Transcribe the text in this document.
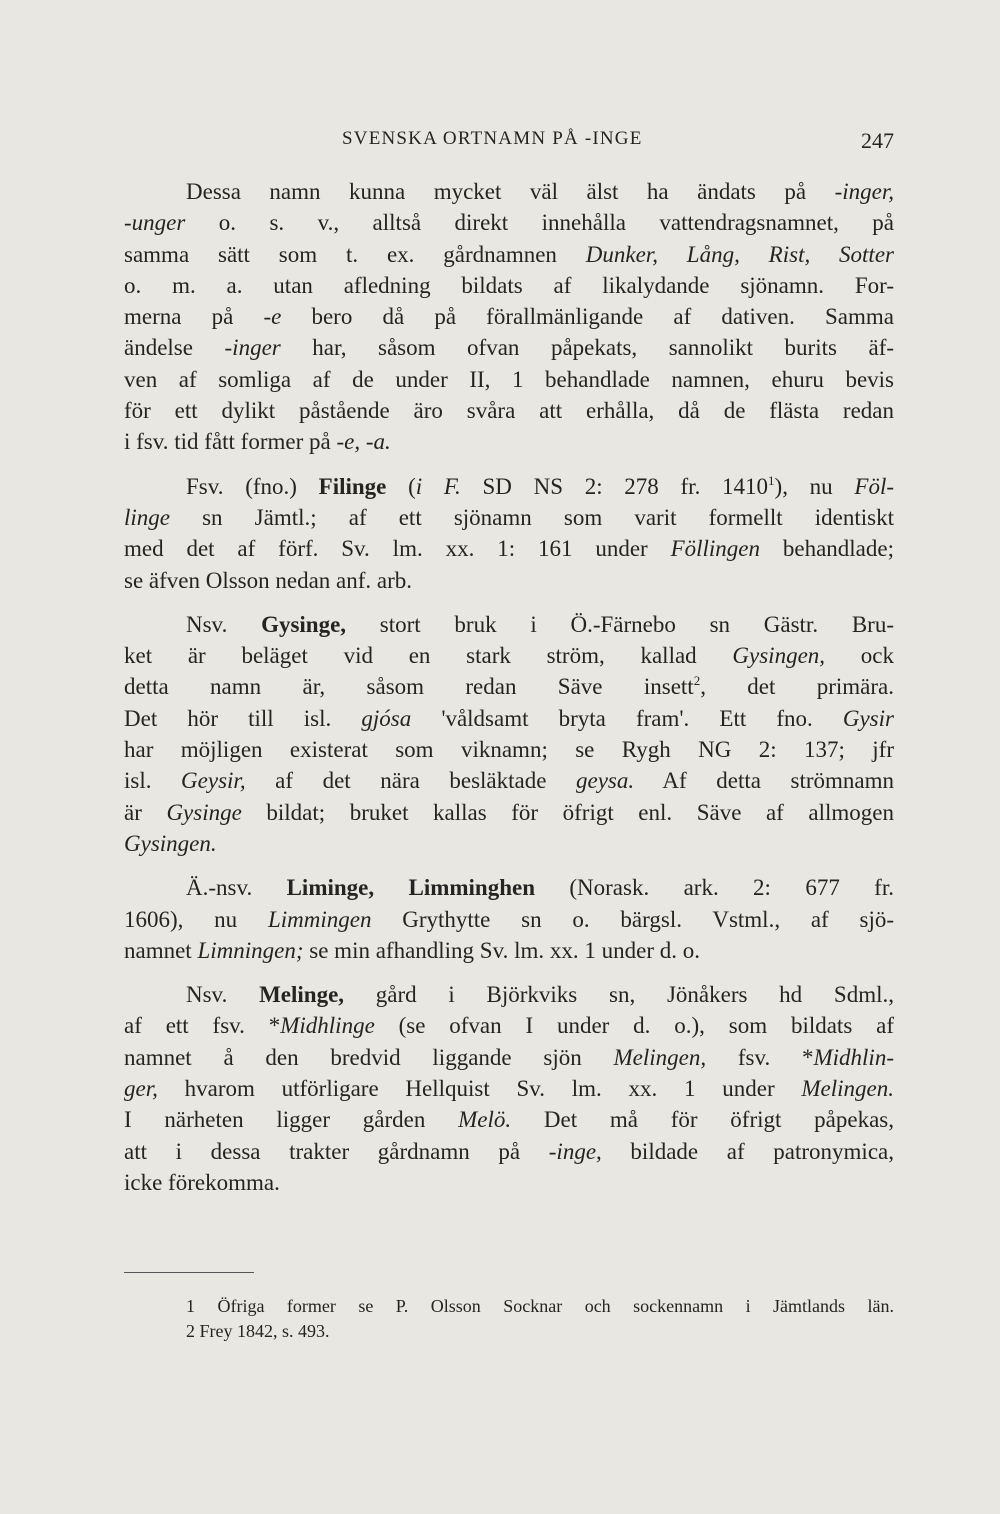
SVENSKA ORTNAMN PÅ -INGE	247
Dessa namn kunna mycket väl älst ha ändats på -inger,
-unger o. s. v., alltså direkt innehålla vattendragsnamnet, på
samma sätt som t. ex. gårdnamnen Dunker, Lång, Rist, Sotter
o. m. a. utan afledning bildats af likalydande sjönamn. For-
merna på -e bero då på förallmänligande af dativen. Samma
ändelse -inger har, såsom ofvan påpekats, sannolikt burits äf-
ven af somliga af de under II, 1 behandlade namnen, ehuru bevis
för ett dylikt påstående äro svåra att erhålla, då de flästa redan
i fsv. tid fått former på -e, -a.
Fsv. (fno.) Filinge (i F. SD NS 2: 278 fr. 1410$^1$), nu Föl-
linge sn Jämtl.; af ett sjönamn som varit formellt identiskt
med det af förf. Sv. lm. xx. 1: 161 under Föllingen behandlade;
se äfven Olsson nedan anf. arb.
Nsv. Gysinge, stort bruk i Ö.-Färnebo sn Gästr. Bru-
ket är beläget vid en stark ström, kallad Gysingen, ock
detta namn är, såsom redan Säve insett$^2$, det primära.
Det hör till isl. gjósa 'våldsamt bryta fram'. Ett fno. Gysir
har möjligen existerat som viknamn; se Rygh NG 2: 137; jfr
isl. Geysir, af det nära besläktade geysa. Af detta strömnamn
är Gysinge bildat; bruket kallas för öfrigt enl. Säve af allmogen
Gysingen.
Ä.-nsv. Liminge, Limminghen (Norask. ark. 2: 677 fr.
1606), nu Limmingen Grythytte sn o. bärgsl. Vstml., af sjö-
namnet Limningen; se min afhandling Sv. lm. xx. 1 under d. o.
Nsv. Melinge, gård i Björkviks sn, Jönåkers hd Sdml.,
af ett fsv. *Midhlinge (se ofvan I under d. o.), som bildats af
namnet å den bredvid liggande sjön Melingen, fsv. *Midhlin-
ger, hvarom utförligare Hellquist Sv. lm. xx. 1 under Melingen.
I närheten ligger gården Melö. Det må för öfrigt påpekas,
att i dessa trakter gårdnamn på -inge, bildade af patronymica,
icke förekomma.
1 Öfriga former se P. Olsson Socknar och sockennamn i Jämtlands län.
2 Frey 1842, s. 493.
